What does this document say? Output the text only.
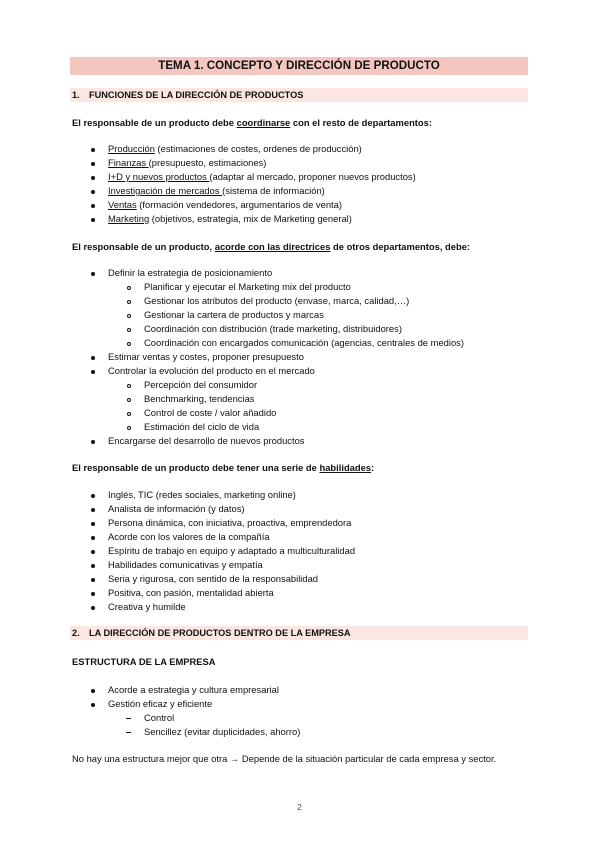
TEMA 1. CONCEPTO Y DIRECCIÓN DE PRODUCTO
1. FUNCIONES DE LA DIRECCIÓN DE PRODUCTOS
El responsable de un producto debe coordinarse con el resto de departamentos:
Producción (estimaciones de costes, ordenes de producción)
Finanzas (presupuesto, estimaciones)
I+D y nuevos productos (adaptar al mercado, proponer nuevos productos)
Investigación de mercados (sistema de información)
Ventas (formación vendedores, argumentarios de venta)
Marketing (objetivos, estrategia, mix de Marketing general)
El responsable de un producto, acorde con las directrices de otros departamentos, debe:
Definir la estrategia de posicionamiento
Planificar y ejecutar el Marketing mix del producto
Gestionar los atributos del producto (envase, marca, calidad,…)
Gestionar la cartera de productos y marcas
Coordinación con distribución (trade marketing, distribuidores)
Coordinación con encargados comunicación (agencias, centrales de medios)
Estimar ventas y costes, proponer presupuesto
Controlar la evolución del producto en el mercado
Percepción del consumidor
Benchmarking, tendencias
Control de coste / valor añadido
Estimación del ciclo de vida
Encargarse del desarrollo de nuevos productos
El responsable de un producto debe tener una serie de habilidades:
Inglés, TIC (redes sociales, marketing online)
Analista de información (y datos)
Persona dinámica, con iniciativa, proactiva, emprendedora
Acorde con los valores de la compañía
Espíritu de trabajo en equipo y adaptado a multiculturalidad
Habilidades comunicativas y empatía
Seria y rigurosa, con sentido de la responsabilidad
Positiva, con pasión, mentalidad abierta
Creativa y humilde
2. LA DIRECCIÓN DE PRODUCTOS DENTRO DE LA EMPRESA
ESTRUCTURA DE LA EMPRESA
Acorde a estrategia y cultura empresarial
Gestión eficaz y eficiente
Control
Sencillez (evitar duplicidades, ahorro)
No hay una estructura mejor que otra → Depende de la situación particular de cada empresa y sector.
2
